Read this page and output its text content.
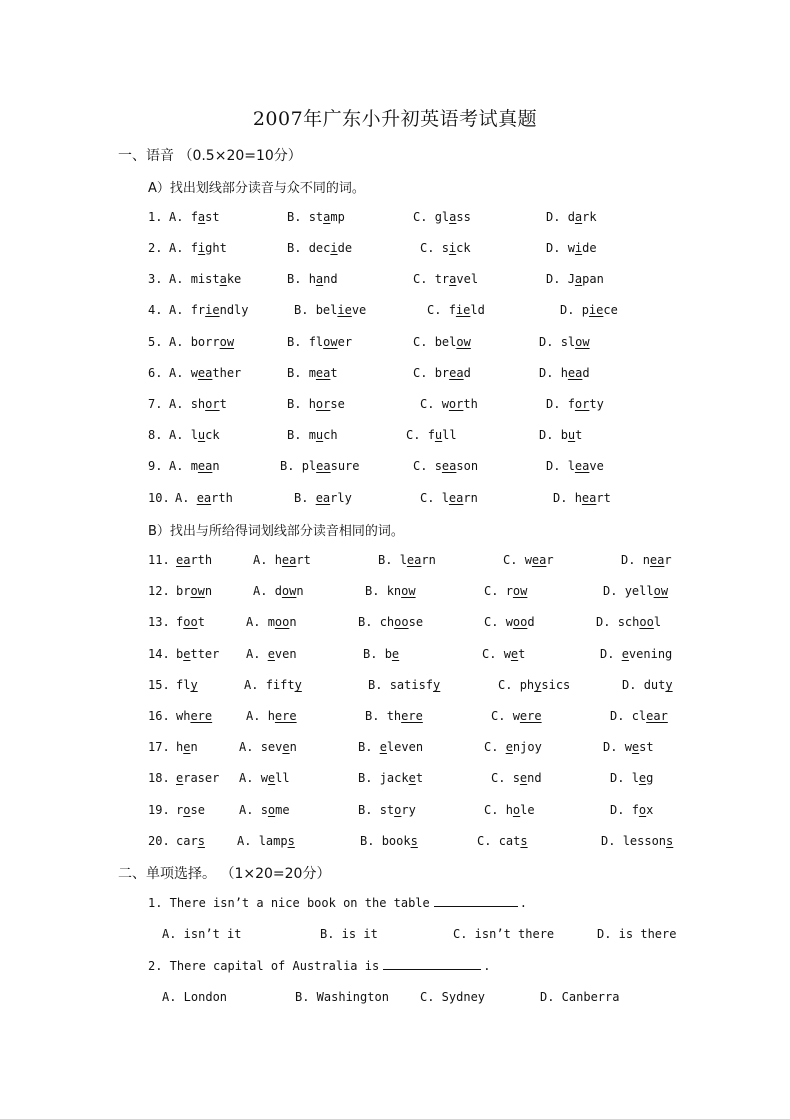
2007年广东小升初英语考试真题
一、语音 （0.5×20=10分）
A）找出划线部分读音与众不同的词。
B）找出与所给得词划线部分读音相同的词。
1. A. fast	B. stamp	C. glass	D. dark
2. A. fight	B. decide	C. sick	D. wide
3. A. mistake	B. hand	C. travel	D. Japan
4. A. friendly	B. believe	C. field	D. piece
5. A. borrow	B. flower	C. below	D. slow
6. A. weather	B. meat	C. bread	D. head
7. A. short	B. horse	C. worth	D. forty
8. A. luck	B. much	C. full	D. but
9. A. mean	B. pleasure	C. season	D. leave
10. A. earth	B. early	C. learn	D. heart
11. earth	A. heart	B. learn	C. wear	D. near
12. brown	A. down	B. know	C. row	D. yellow
13. foot	A. moon	B. choose	C. wood	D. school
14. better A. even	B. be	C. wet	D. evening
15. fly	A. fifty	B. satisfy	C. physics	D. duty
16. where	A. here	B. there	C. were	D. clear
17. hen	A. seven	B. eleven	C. enjoy	D. west
18. eraser A. well	B. jacket	C. send	D. leg
19. rose	A. some	B. story	C. hole	D. fox
20. cars	A. lamps	B. books	C. cats	D. lessons
二、单项选择。 （1×20=20分）
1. There isn’t a nice book on the table	.
A. isn’t it	B. is it	C. isn’t there	D. is there
2. There capital of Australia is	.
A. London	B. Washington	C. Sydney	D. Canberra
